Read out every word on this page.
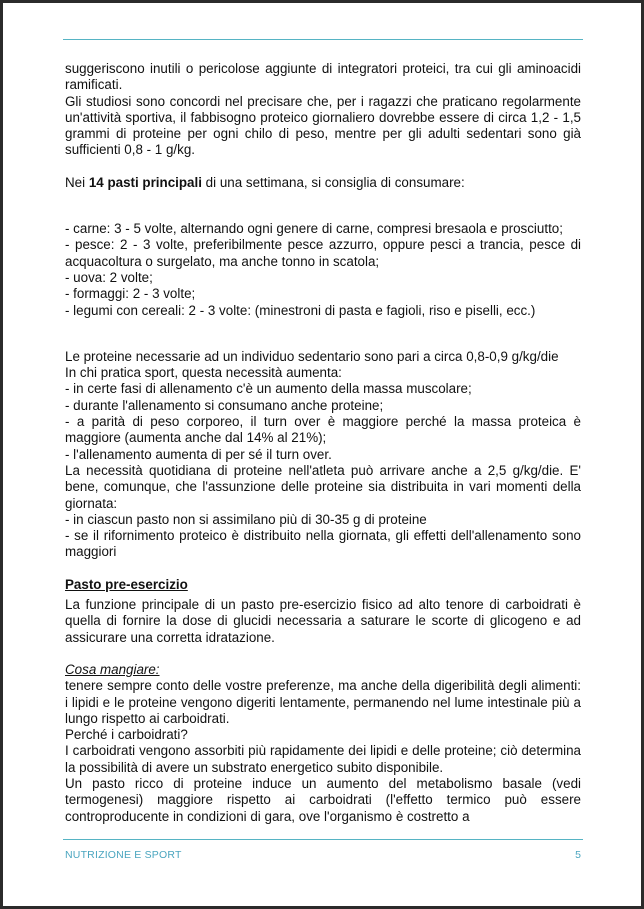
suggeriscono inutili o pericolose aggiunte di integratori proteici, tra cui gli aminoacidi ramificati.

Gli studiosi sono concordi nel precisare che, per i ragazzi che praticano regolarmente un'attività sportiva, il fabbisogno proteico giornaliero dovrebbe essere di circa 1,2 - 1,5 grammi di proteine per ogni chilo di peso, mentre per gli adulti sedentari sono già sufficienti 0,8 - 1 g/kg.

Nei 14 pasti principali di una settimana, si consiglia di consumare:

- carne: 3 - 5 volte, alternando ogni genere di carne, compresi bresaola e prosciutto;

- pesce: 2 - 3 volte, preferibilmente pesce azzurro, oppure pesci a trancia, pesce di acquacoltura o surgelato, ma anche tonno in scatola;

- uova: 2 volte;

- formaggi: 2 - 3 volte;

- legumi con cereali: 2 - 3 volte: (minestroni di pasta e fagioli, riso e piselli, ecc.)

Le proteine necessarie ad un individuo sedentario sono pari a circa 0,8-0,9 g/kg/die

In chi pratica sport, questa necessità aumenta:

- in certe fasi di allenamento c'è un aumento della massa muscolare;

- durante l'allenamento si consumano anche proteine;

- a parità di peso corporeo, il turn over è maggiore perché la massa proteica è maggiore (aumenta anche dal 14% al 21%);

- l'allenamento aumenta di per sé il turn over.

La necessità quotidiana di proteine nell'atleta può arrivare anche a 2,5 g/kg/die. E' bene, comunque, che l'assunzione delle proteine sia distribuita in vari momenti della giornata:

- in ciascun pasto non si assimilano più di 30-35 g di proteine

- se il rifornimento proteico è distribuito nella giornata, gli effetti dell'allenamento sono maggiori

Pasto pre-esercizio

La funzione principale di un pasto pre-esercizio fisico ad alto tenore di carboidrati è quella di fornire la dose di glucidi necessaria a saturare le scorte di glicogeno e ad assicurare una corretta idratazione.

Cosa mangiare:

tenere sempre conto delle vostre preferenze, ma anche della digeribilità degli alimenti: i lipidi e le proteine vengono digeriti lentamente, permanendo nel lume intestinale più a lungo rispetto ai carboidrati.

Perché i carboidrati?

I carboidrati vengono assorbiti più rapidamente dei lipidi e delle proteine; ciò determina la possibilità di avere un substrato energetico subito disponibile.

Un pasto ricco di proteine induce un aumento del metabolismo basale (vedi termogenesi) maggiore rispetto ai carboidrati (l'effetto termico può essere controproducente in condizioni di gara, ove l'organismo è costretto a

NUTRIZIONE E SPORT	5
